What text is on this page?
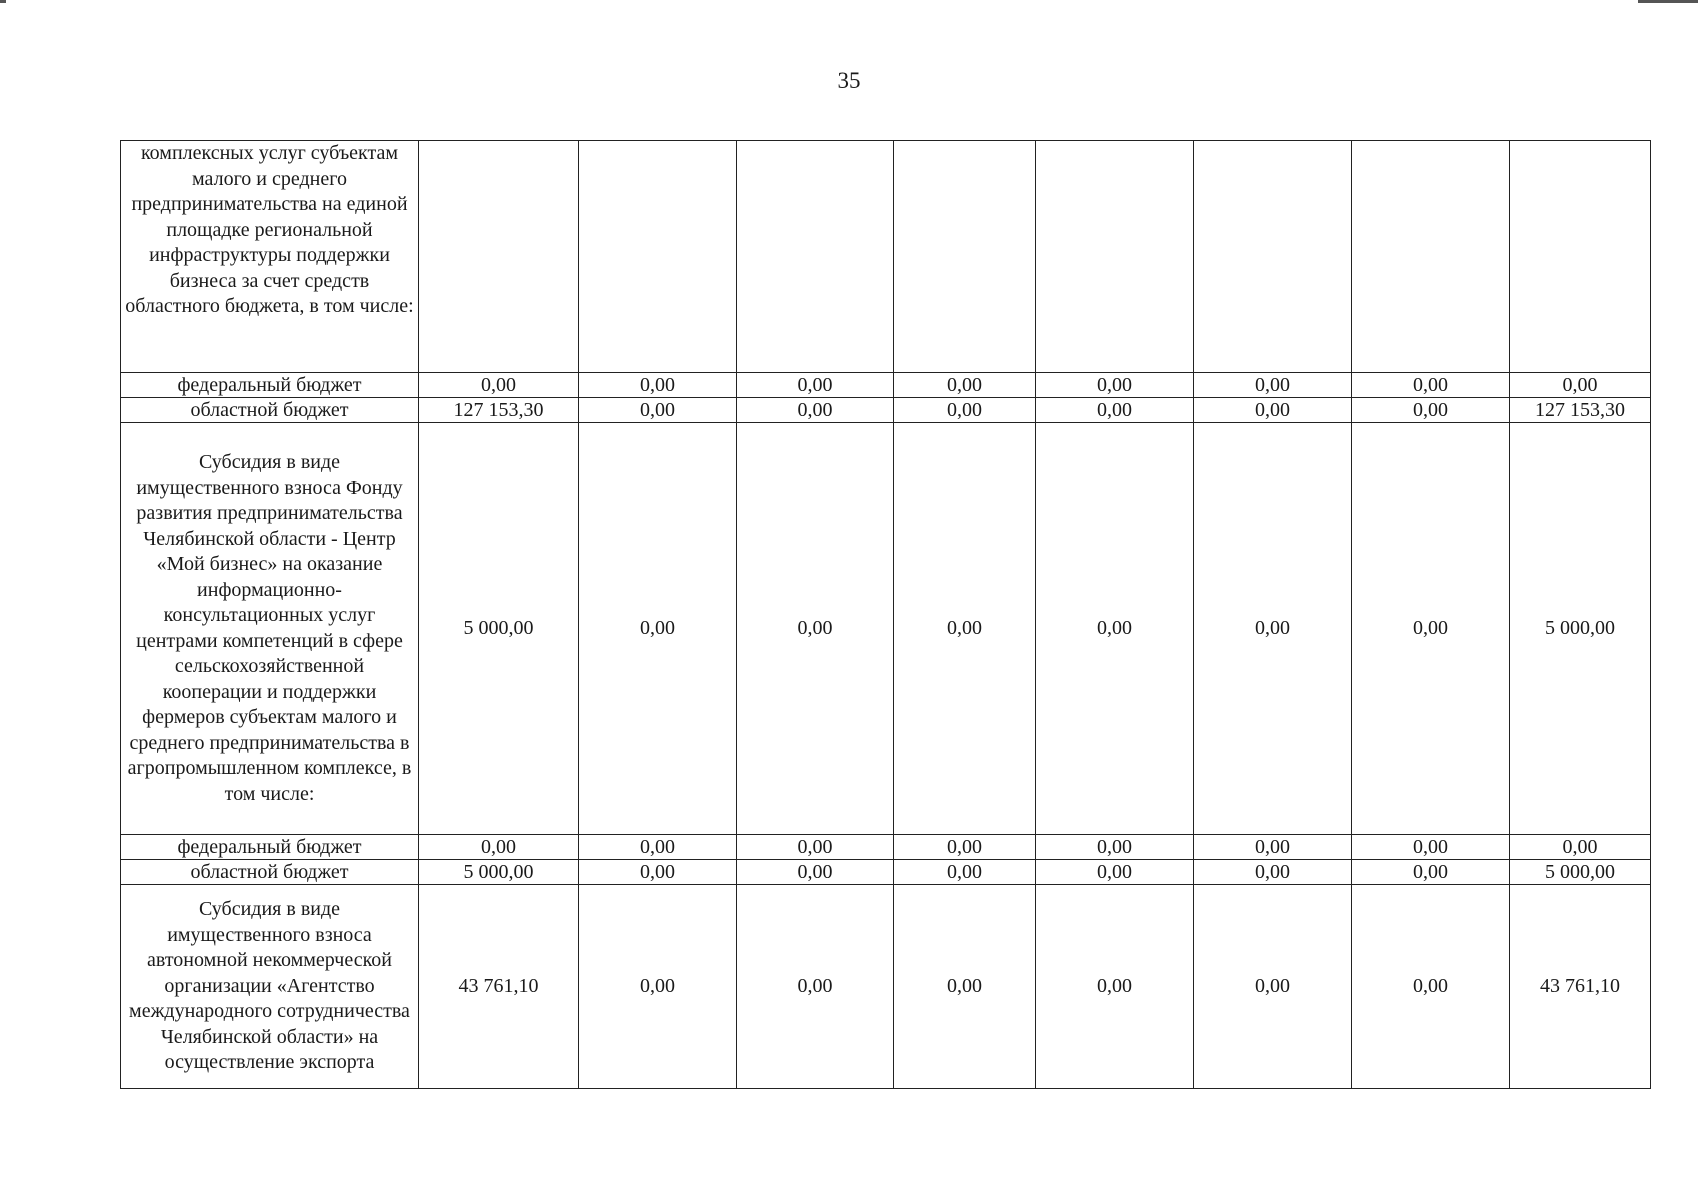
35
комплексных услуг субъектам малого и среднего предпринимательства на единой площадке региональной инфраструктуры поддержки бизнеса за счет средств областного бюджета, в том числе:								
федеральный бюджет	0,00	0,00	0,00	0,00	0,00	0,00	0,00	0,00
областной бюджет	127 153,30	0,00	0,00	0,00	0,00	0,00	0,00	127 153,30
Субсидия в виде имущественного взноса Фонду развития предпринимательства Челябинской области - Центр «Мой бизнес» на оказание информационно-консультационных услуг центрами компетенций в сфере сельскохозяйственной кооперации и поддержки фермеров субъектам малого и среднего предпринимательства в агропромышленном комплексе, в том числе:	5 000,00	0,00	0,00	0,00	0,00	0,00	0,00	5 000,00
федеральный бюджет	0,00	0,00	0,00	0,00	0,00	0,00	0,00	0,00
областной бюджет	5 000,00	0,00	0,00	0,00	0,00	0,00	0,00	5 000,00
Субсидия в виде имущественного взноса автономной некоммерческой организации «Агентство международного сотрудничества Челябинской области» на осуществление экспорта	43 761,10	0,00	0,00	0,00	0,00	0,00	0,00	43 761,10
